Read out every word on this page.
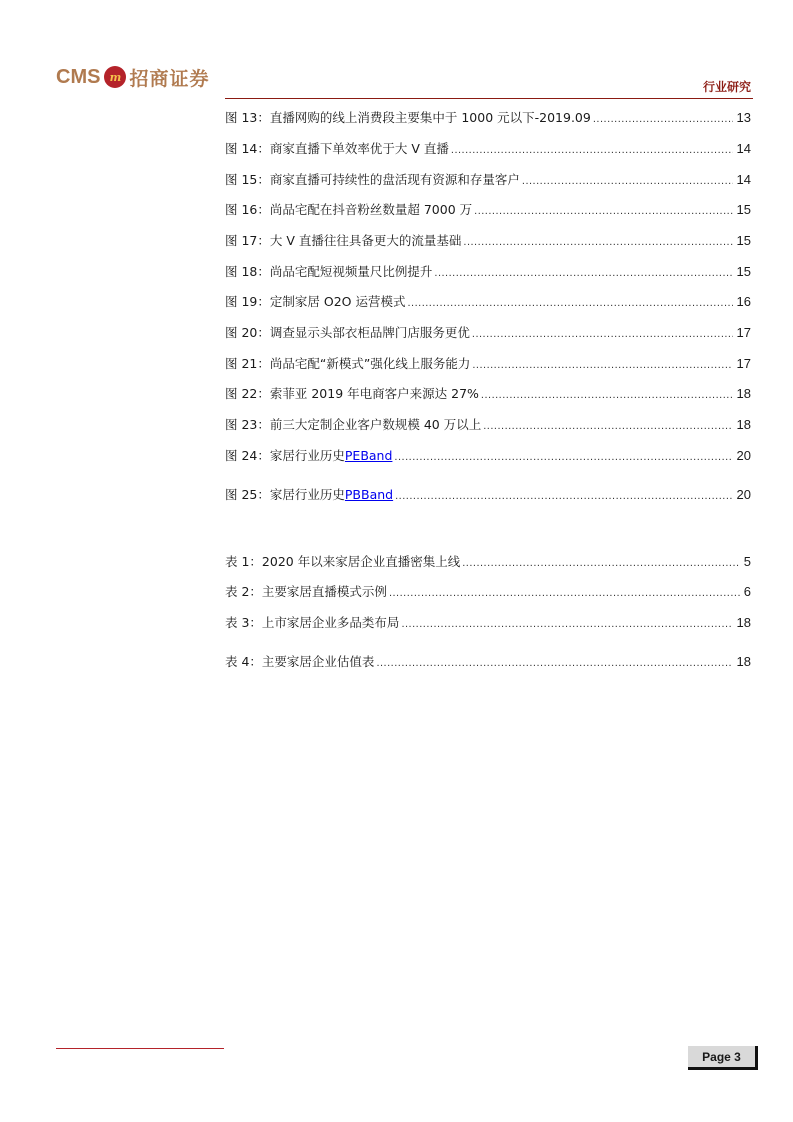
CMS m 招商证券	行业研究
图 13：直播网购的线上消费段主要集中于 1000 元以下-2019.09 .....	13
图 14：商家直播下单效率优于大 V 直播 .....	14
图 15：商家直播可持续性的盘活现有资源和存量客户 .....	14
图 16：尚品宅配在抖音粉丝数量超 7000 万 .....	15
图 17：大 V 直播往往具备更大的流量基础 .....	15
图 18：尚品宅配短视频量尺比例提升 .....	15
图 19：定制家居 O2O 运营模式 .....	16
图 20：调查显示头部衣柜品牌门店服务更优 .....	17
图 21：尚品宅配“新模式”强化线上服务能力 .....	17
图 22：索菲亚 2019 年电商客户来源达 27% .....	18
图 23：前三大定制企业客户数规模 40 万以上 .....	18
图 24：家居行业历史 PEBand .....	20
图 25：家居行业历史 PBBand .....	20
表 1：2020 年以来家居企业直播密集上线 .....	5
表 2：主要家居直播模式示例 .....	6
表 3：上市家居企业多品类布局 .....	18
表 4：主要家居企业估值表 .....	18
Page 3
